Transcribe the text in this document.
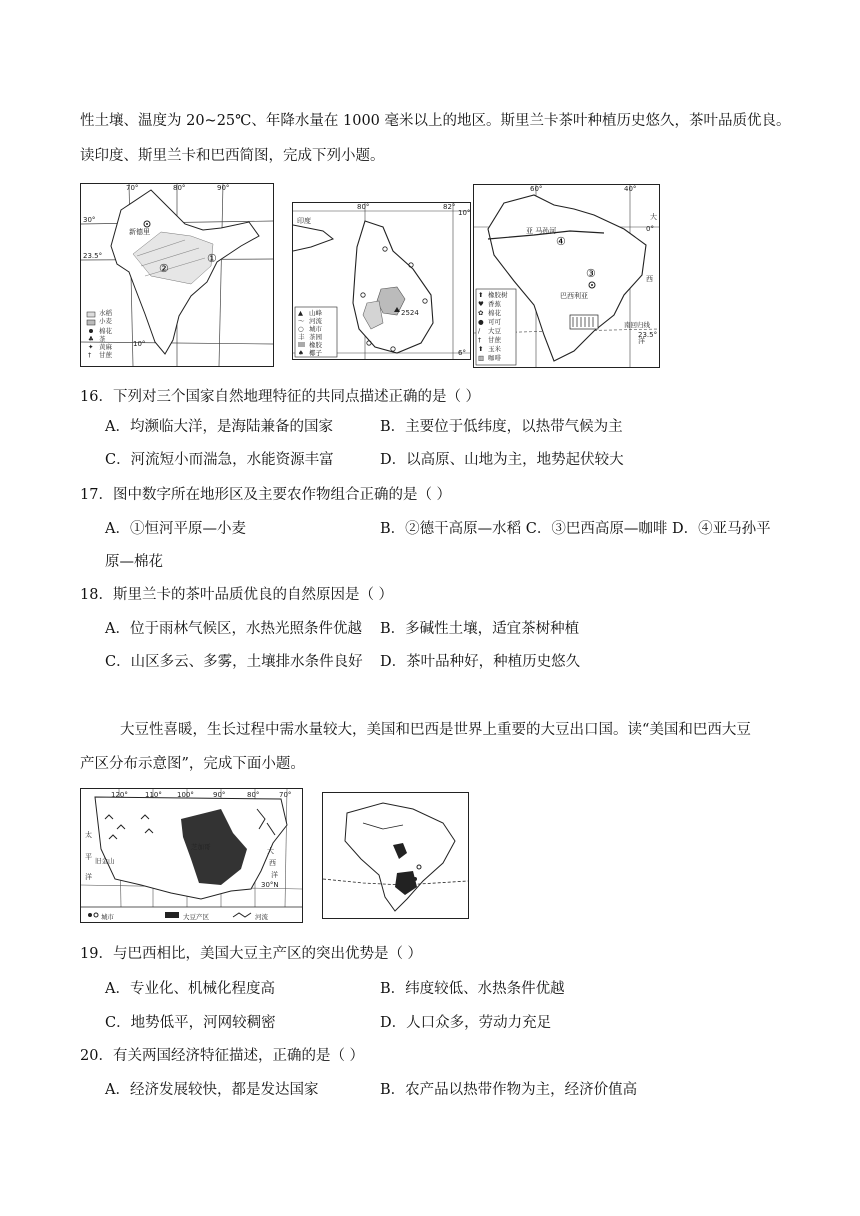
性土壤、温度为 20~25℃、年降水量在 1000 毫米以上的地区。斯里兰卡茶叶种植历史悠久，茶叶品质优良。
读印度、斯里兰卡和巴西简图，完成下列小题。
♣
✦
†
70°	80°	90°
30°
23.5°
10°
新德里
①
②
水稻
小麦
棉花
茶
黄麻
甘蔗
▲
〜
○
丰
♠
山峰
河流
城市
茶园
橡胶
椰子
80°	82°
10°
6°
印度
2524
⬆
♥
✿
●
∕
†
⬆
▥
橡胶树
香蕉
棉花
可可
大豆
甘蔗
玉米
咖啡
60°	40°
0°
23.5°
亚 马孙河
巴西利亚
大
西
洋
南回归线
④
③
16．下列对三个国家自然地理特征的共同点描述正确的是（ ）
A．均濒临大洋，是海陆兼备的国家	B．主要位于低纬度，以热带气候为主
C．河流短小而湍急，水能资源丰富	D．以高原、山地为主，地势起伏较大
17．图中数字所在地形区及主要农作物组合正确的是（ ）
A．①恒河平原—小麦	B．②德干高原—水稻 C．③巴西高原—咖啡 D．④亚马孙平
原—棉花
18．斯里兰卡的茶叶品质优良的自然原因是（ ）
A．位于雨林气候区，水热光照条件优越 B．多碱性土壤，适宜茶树种植
C．山区多云、多雾，土壤排水条件良好 D．茶叶品种好，种植历史悠久
大豆性喜暖，生长过程中需水量较大，美国和巴西是世界上重要的大豆出口国。读“美国和巴西大豆
产区分布示意图”，完成下面小题。
城市	大豆产区	河流
120° 110° 100°	90°	80°	70°
30°N
太
平
洋
大
西
洋
芝加哥
旧金山
19．与巴西相比，美国大豆主产区的突出优势是（ ）
A．专业化、机械化程度高	B．纬度较低、水热条件优越
C．地势低平，河网较稠密	D．人口众多，劳动力充足
20．有关两国经济特征描述，正确的是（ ）
A．经济发展较快，都是发达国家	B．农产品以热带作物为主，经济价值高
